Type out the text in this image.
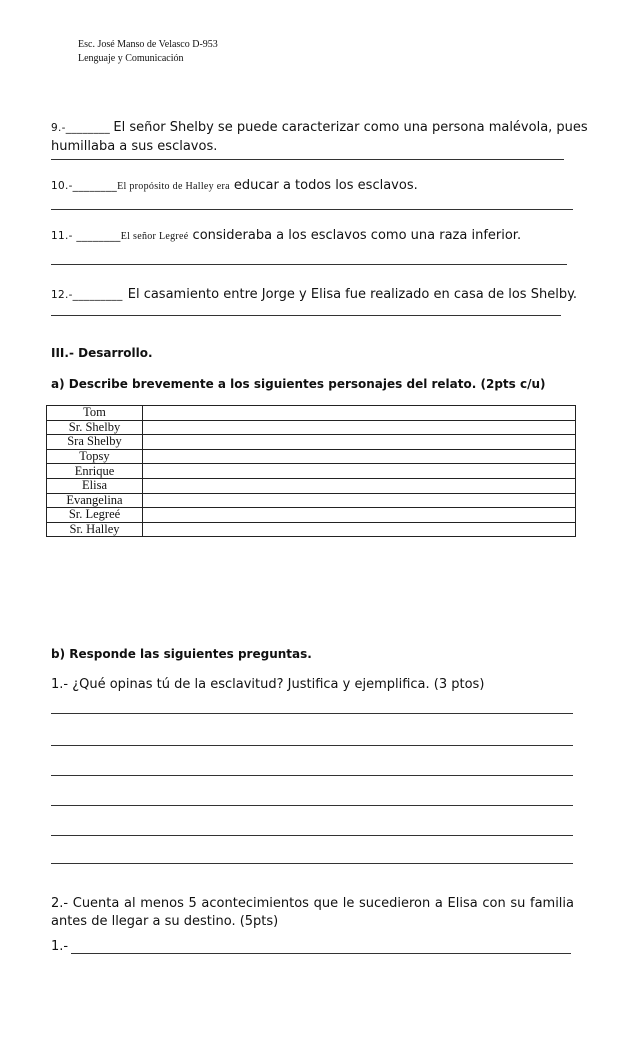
Esc. José Manso de Velasco D-953
Lenguaje y Comunicación
9.-________ El señor Shelby se puede caracterizar como una persona malévola, pues
humillaba a sus esclavos.
10.-________El propósito de Halley era educar a todos los esclavos.
11.- ________El señor Legreé consideraba a los esclavos como una raza inferior.
12.-_________ El casamiento entre Jorge y Elisa fue realizado en casa de los Shelby.
III.- Desarrollo.
a) Describe brevemente a los siguientes personajes del relato. (2pts c/u)
Tom	
Sr. Shelby	
Sra Shelby	
Topsy	
Enrique	
Elisa	
Evangelina	
Sr. Legreé	
Sr. Halley	
b) Responde las siguientes preguntas.
1.- ¿Qué opinas tú de la esclavitud? Justifica y ejemplifica. (3 ptos)
2.- Cuenta al menos 5 acontecimientos que le sucedieron a Elisa con su familia
antes de llegar a su destino. (5pts)
1.-
